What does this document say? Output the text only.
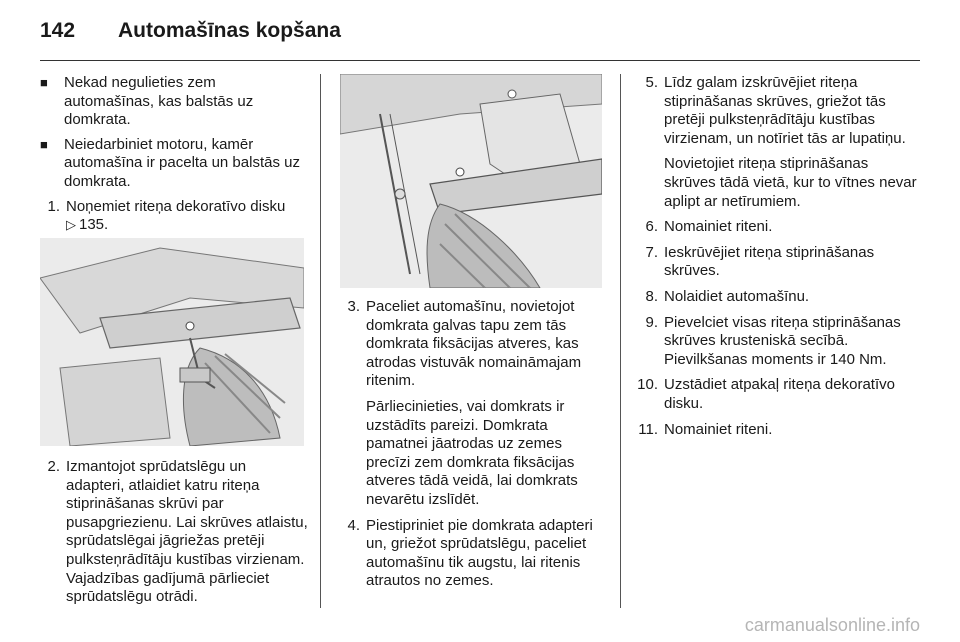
142 Automašīnas kopšana
■ Nekad negulieties zem automašīnas, kas balstās uz domkrata.
■ Neiedarbiniet motoru, kamēr automašīna ir pacelta un balstās uz domkrata.
1. Noņemiet riteņa dekoratīvo disku
▷ 135.
2. Izmantojot sprūdatslēgu un adapteri, atlaidiet katru riteņa stiprināšanas skrūvi par pusapgriezienu. Lai skrūves atlaistu, sprūdatslēgai jāgriežas pretēji pulksteņrādītāju kustības virzienam. Vajadzības gadījumā pārlieciet sprūdatslēgu otrādi.
3. Paceliet automašīnu, novietojot domkrata galvas tapu zem tās domkrata fiksācijas atveres, kas atrodas vistuvāk nomaināmajam ritenim.
Pārliecinieties, vai domkrats ir uzstādīts pareizi. Domkrata pamatnei jāatrodas uz zemes precīzi zem domkrata fiksācijas atveres tādā veidā, lai domkrats nevarētu izslīdēt.
4. Piestipriniet pie domkrata adapteri un, griežot sprūdatslēgu, paceliet automašīnu tik augstu, lai ritenis atrautos no zemes.
5. Līdz galam izskrūvējiet riteņa stiprināšanas skrūves, griežot tās pretēji pulksteņrādītāju kustības virzienam, un notīriet tās ar lupatiņu.
Novietojiet riteņa stiprināšanas skrūves tādā vietā, kur to vītnes nevar aplipt ar netīrumiem.
6. Nomainiet riteni.
7. Ieskrūvējiet riteņa stiprināšanas skrūves.
8. Nolaidiet automašīnu.
9. Pievelciet visas riteņa stiprināšanas skrūves krusteniskā secībā. Pievilkšanas moments ir 140 Nm.
10. Uzstādiet atpakaļ riteņa dekoratīvo disku.
11. Nomainiet riteni.
carmanualsonline.info
